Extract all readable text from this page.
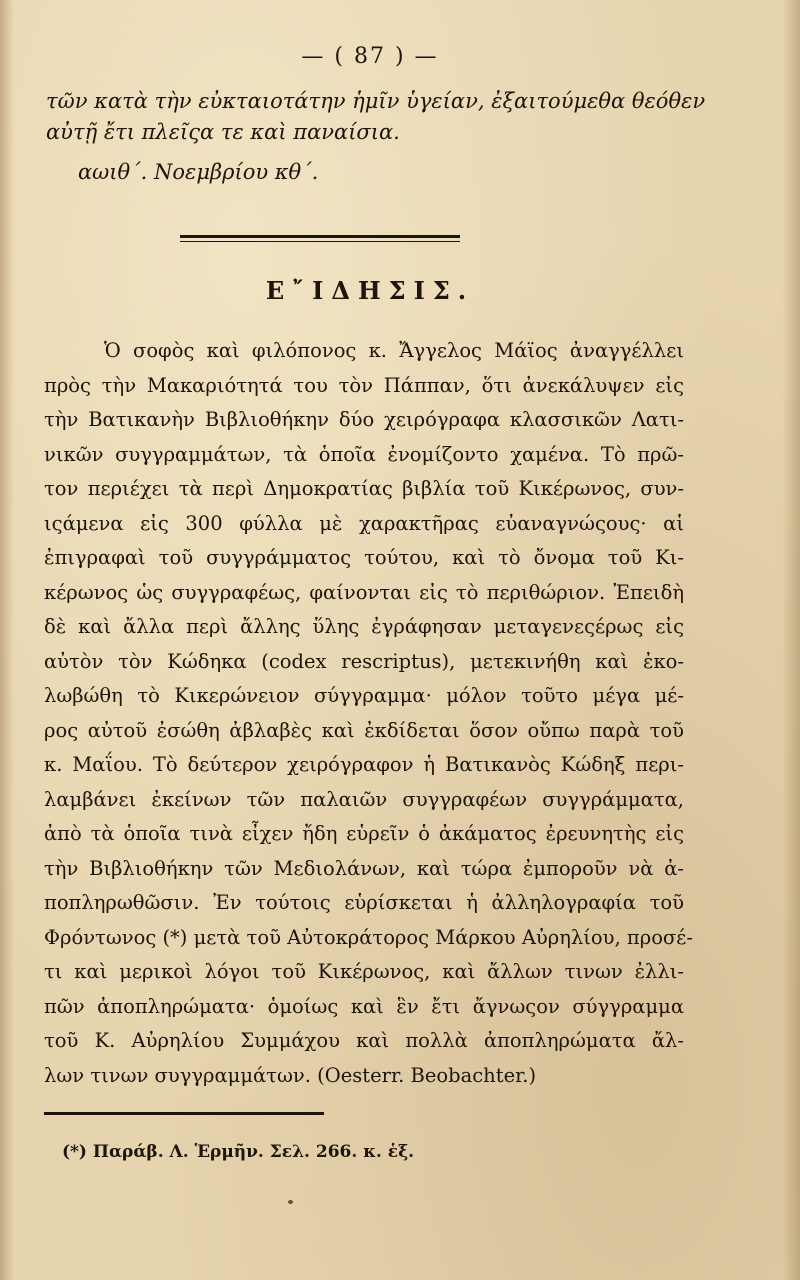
— ( 87 ) —
τῶν κατὰ τὴν εὐκταιοτάτην ἡμῖν ὑγείαν, ἐξαιτούμεθα θεόθεν
αὐτῇ ἔτι πλεῖςα τε καὶ παναίσια.
αωιθ΄. Νοεμβρίου κθ΄.
Ε῎ΙΔΗΣΙΣ.
Ὁ σοφὸς καὶ φιλόπονος κ. Ἄγγελος Μάϊος ἀναγγέλλει
πρὸς τὴν Μακαριότητά του τὸν Πάππαν, ὅτι ἀνεκάλυψεν εἰς
τὴν Βατικανὴν Βιβλιοθήκην δύο χειρόγραφα κλασσικῶν Λατι-
νικῶν συγγραμμάτων, τὰ ὁποῖα ἐνομίζοντο χαμένα. Τὸ πρῶ-
τον περιέχει τὰ περὶ Δημοκρατίας βιβλία τοῦ Κικέρωνος, συν-
ιςάμενα εἰς 300 φύλλα μὲ χαρακτῆρας εὐαναγνώςους· αἱ
ἐπιγραφαὶ τοῦ συγγράμματος τούτου, καὶ τὸ ὄνομα τοῦ Κι-
κέρωνος ὡς συγγραφέως, φαίνονται εἰς τὸ περιθώριον. Ἐπειδὴ
δὲ καὶ ἄλλα περὶ ἄλλης ὕλης ἐγράφησαν μεταγενεςέρως εἰς
αὐτὸν τὸν Κώδηκα (codex rescriptus), μετεκινήθη καὶ ἐκο-
λωβώθη τὸ Κικερώνειον σύγγραμμα· μόλον τοῦτο μέγα μέ-
ρος αὐτοῦ ἐσώθη ἀβλαβὲς καὶ ἐκδίδεται ὅσον οὔπω παρὰ τοῦ
κ. Μαΐου. Τὸ δεύτερον χειρόγραφον ἡ Βατικανὸς Κώδηξ περι-
λαμβάνει ἐκείνων τῶν παλαιῶν συγγραφέων συγγράμματα,
ἀπὸ τὰ ὁποῖα τινὰ εἶχεν ἤδη εὑρεῖν ὁ ἀκάματος ἐρευνητὴς εἰς
τὴν Βιβλιοθήκην τῶν Μεδιολάνων, καὶ τώρα ἐμποροῦν νὰ ἀ-
ποπληρωθῶσιν. Ἐν τούτοις εὑρίσκεται ἡ ἀλληλογραφία τοῦ
Φρόντωνος (*) μετὰ τοῦ Αὐτοκράτορος Μάρκου Αὐρηλίου, προσέ-
τι καὶ μερικοὶ λόγοι τοῦ Κικέρωνος, καὶ ἄλλων τινων ἐλλι-
πῶν ἀποπληρώματα· ὁμοίως καὶ ἓν ἔτι ἄγνωςον σύγγραμμα
τοῦ Κ. Αὐρηλίου Συμμάχου καὶ πολλὰ ἀποπληρώματα ἄλ-
λων τινων συγγραμμάτων. (Oesterr. Beobachter.)
(*) Παράβ. Λ. Ἑρμῆν. Σελ. 266. κ. ἑξ.
